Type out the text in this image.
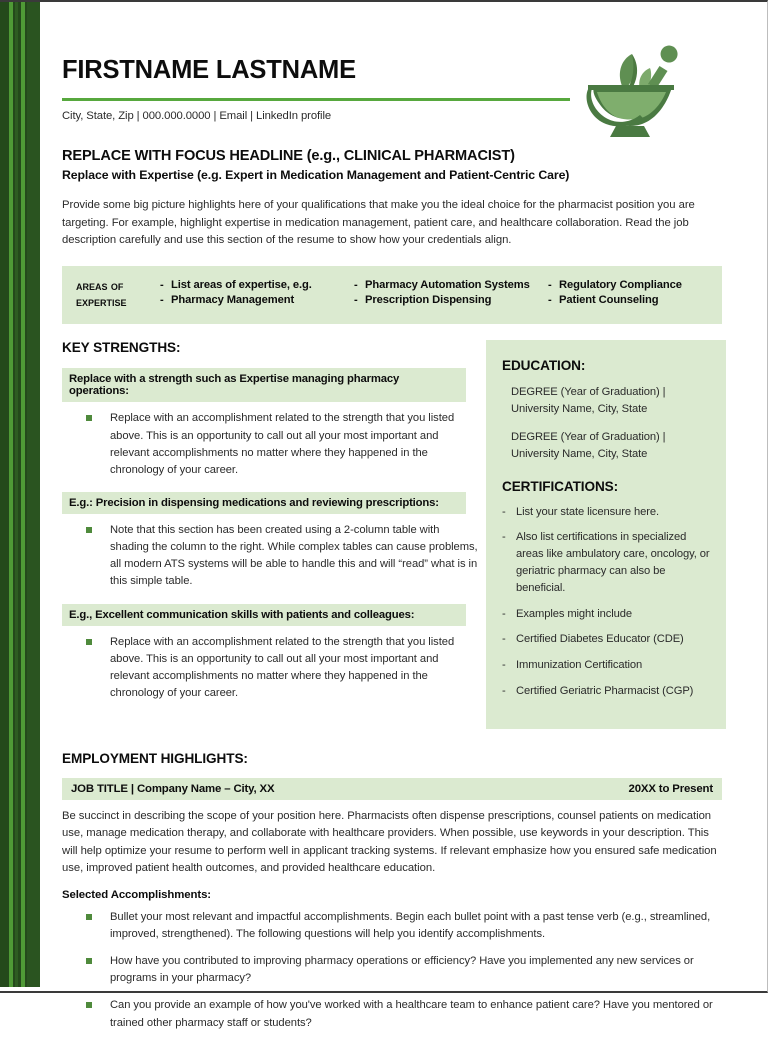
FIRSTNAME LASTNAME
City, State, Zip | 000.000.0000 | Email | LinkedIn profile
REPLACE WITH FOCUS HEADLINE (e.g., CLINICAL PHARMACIST)
Replace with Expertise (e.g. Expert in Medication Management and Patient-Centric Care)
Provide some big picture highlights here of your qualifications that make you the ideal choice for the pharmacist position you are targeting. For example, highlight expertise in medication management, patient care, and healthcare collaboration. Read the job description carefully and use this section of the resume to show how your credentials align.
areas of
expertise
- List areas of expertise, e.g.
- Pharmacy Management
- Pharmacy Automation Systems
- Prescription Dispensing
- Regulatory Compliance
- Patient Counseling
KEY STRENGTHS:
Replace with a strength such as Expertise managing pharmacy operations:
Replace with an accomplishment related to the strength that you listed above. This is an opportunity to call out all your most important and relevant accomplishments no matter where they happened in the chronology of your career.
E.g.: Precision in dispensing medications and reviewing prescriptions:
Note that this section has been created using a 2-column table with shading the column to the right. While complex tables can cause problems, all modern ATS systems will be able to handle this and will “read” what is in this simple table.
E.g., Excellent communication skills with patients and colleagues:
Replace with an accomplishment related to the strength that you listed above. This is an opportunity to call out all your most important and relevant accomplishments no matter where they happened in the chronology of your career.
EDUCATION:
DEGREE (Year of Graduation) | University Name, City, State
DEGREE (Year of Graduation) | University Name, City, State
CERTIFICATIONS:
- List your state licensure here.
- Also list certifications in specialized areas like ambulatory care, oncology, or geriatric pharmacy can also be beneficial.
- Examples might include
- Certified Diabetes Educator (CDE)
- Immunization Certification
- Certified Geriatric Pharmacist (CGP)
EMPLOYMENT HIGHLIGHTS:
JOB TITLE | Company Name – City, XX	20XX to Present
Be succinct in describing the scope of your position here. Pharmacists often dispense prescriptions, counsel patients on medication use, manage medication therapy, and collaborate with healthcare providers. When possible, use keywords in your description. This will help optimize your resume to perform well in applicant tracking systems. If relevant emphasize how you ensured safe medication use, improved patient health outcomes, and provided healthcare education.
Selected Accomplishments:
Bullet your most relevant and impactful accomplishments. Begin each bullet point with a past tense verb (e.g., streamlined, improved, strengthened). The following questions will help you identify accomplishments.
How have you contributed to improving pharmacy operations or efficiency? Have you implemented any new services or programs in your pharmacy?
Can you provide an example of how you've worked with a healthcare team to enhance patient care? Have you mentored or trained other pharmacy staff or students?
